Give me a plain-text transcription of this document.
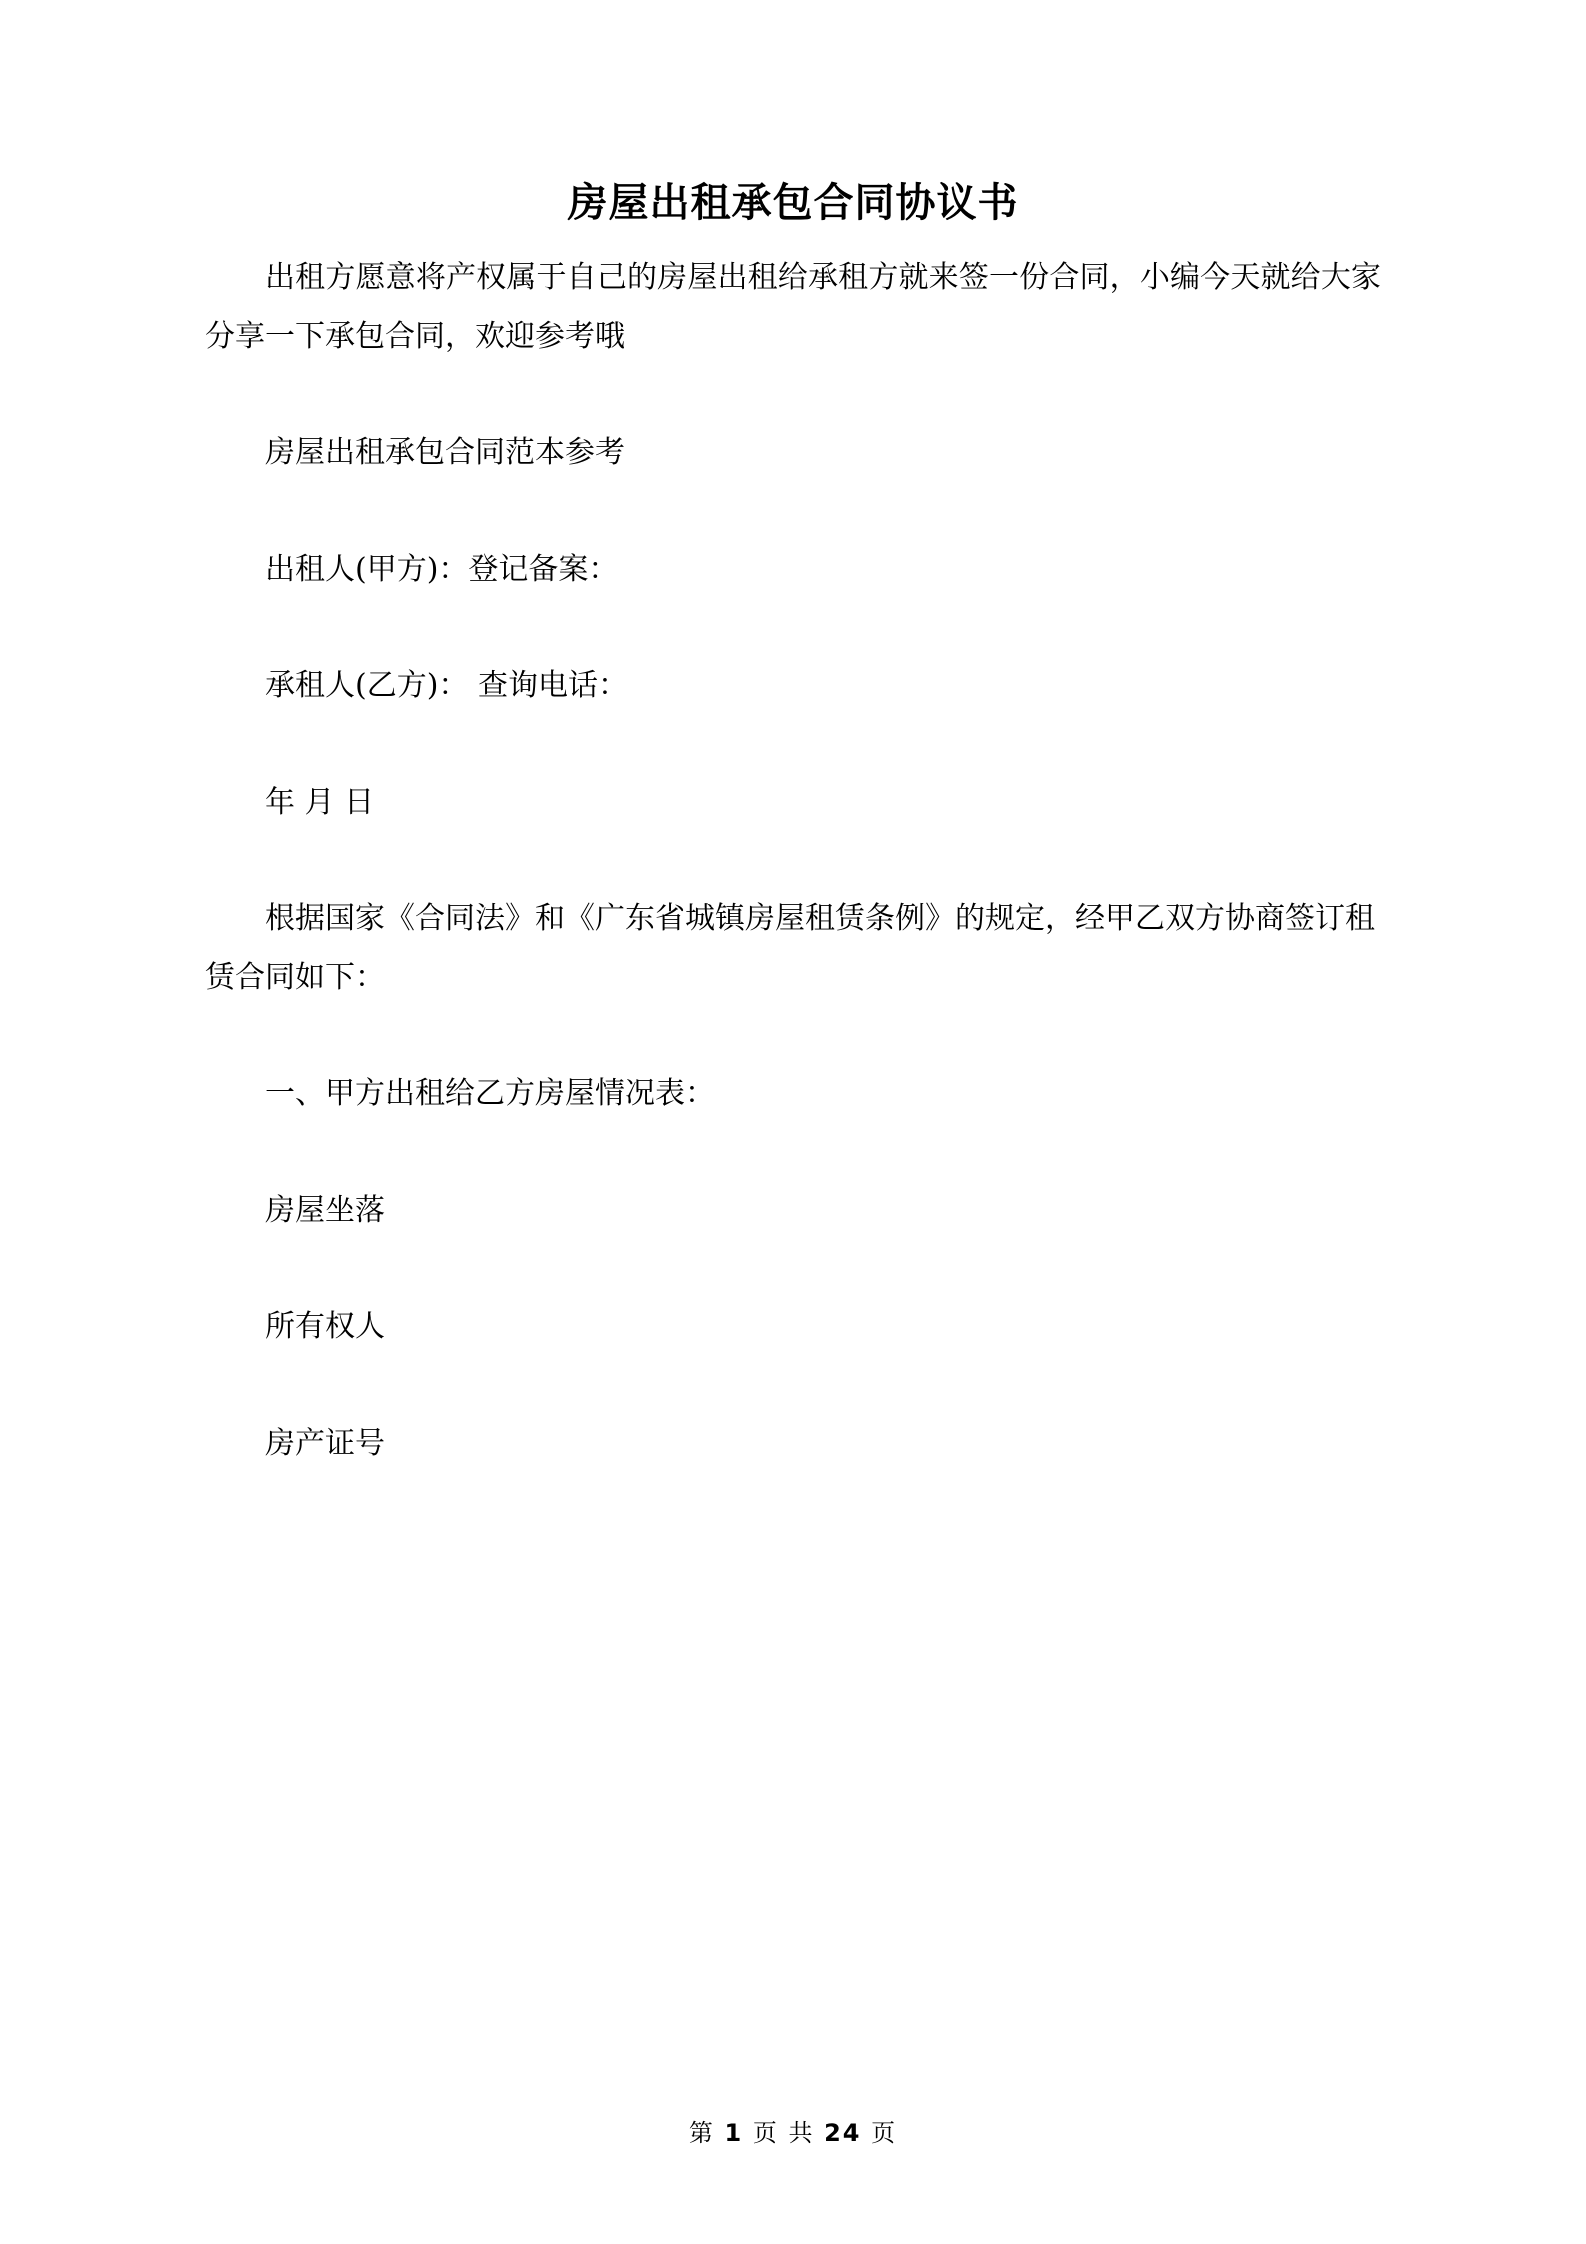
房屋出租承包合同协议书

出租方愿意将产权属于自己的房屋出租给承租方就来签一份合同，小编今天就给大家分享一下承包合同，欢迎参考哦

房屋出租承包合同范本参考

出租人(甲方)：登记备案：

承租人(乙方)： 查询电话：

年 月 日

根据国家《合同法》和《广东省城镇房屋租赁条例》的规定，经甲乙双方协商签订租赁合同如下：

一、甲方出租给乙方房屋情况表：

房屋坐落

所有权人

房产证号

第 1 页 共 24 页
